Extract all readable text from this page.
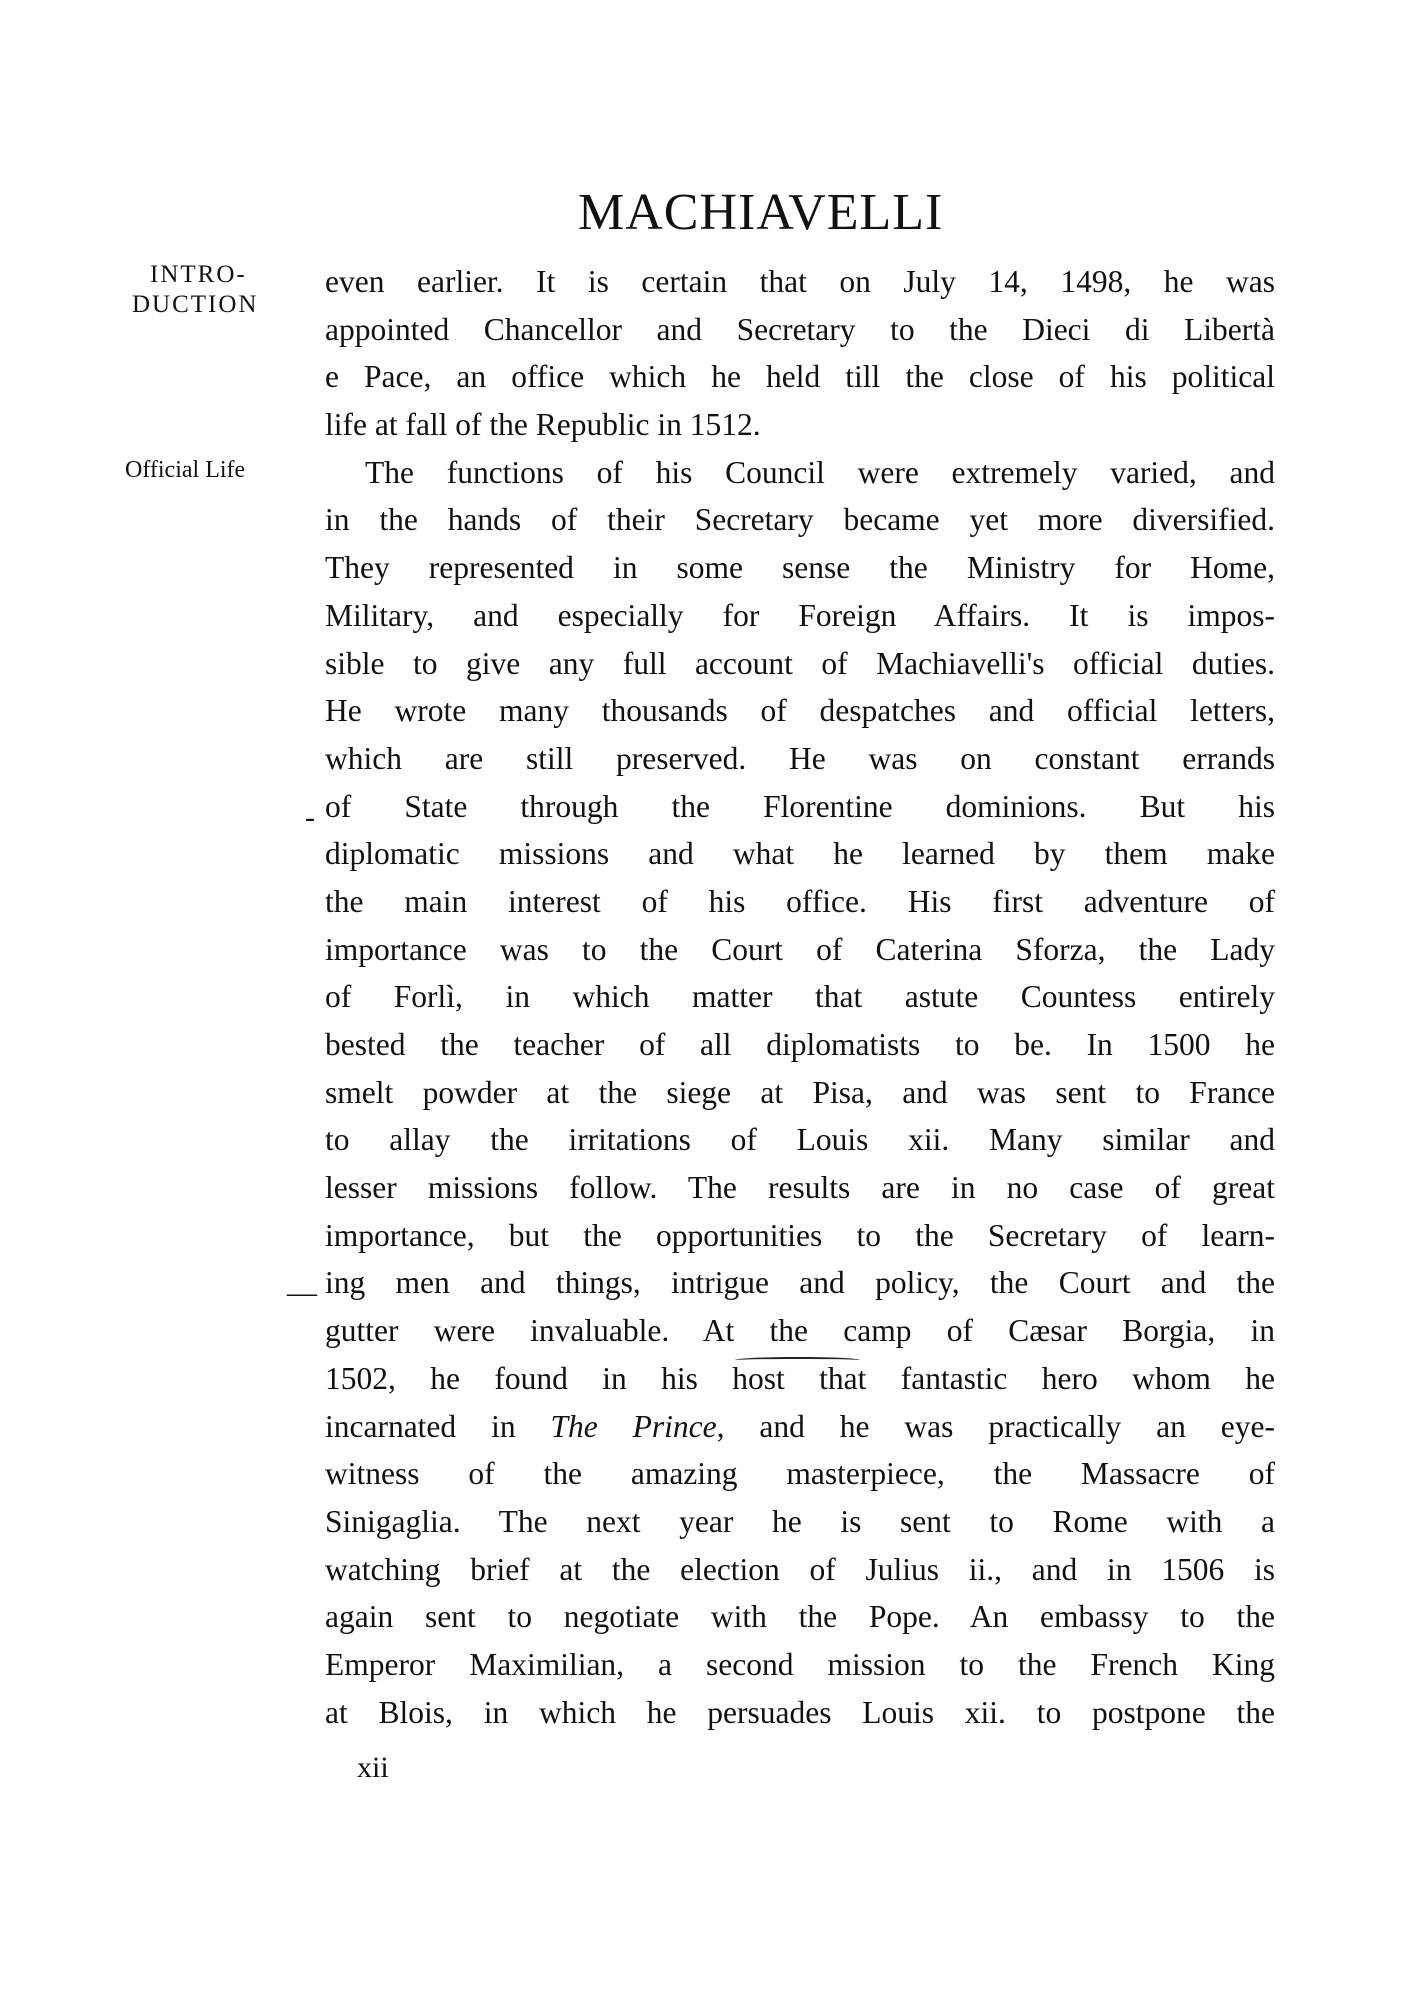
MACHIAVELLI
INTRO-
DUCTION
Official Life
-
—
even earlier. It is certain that on July 14, 1498, he was
appointed Chancellor and Secretary to the Dieci di Libertà
e Pace, an office which he held till the close of his political
life at fall of the Republic in 1512.
The functions of his Council were extremely varied, and
in the hands of their Secretary became yet more diversified.
They represented in some sense the Ministry for Home,
Military, and especially for Foreign Affairs. It is impos-
sible to give any full account of Machiavelli's official duties.
He wrote many thousands of despatches and official letters,
which are still preserved. He was on constant errands
of State through the Florentine dominions. But his
diplomatic missions and what he learned by them make
the main interest of his office. His first adventure of
importance was to the Court of Caterina Sforza, the Lady
of Forlì, in which matter that astute Countess entirely
bested the teacher of all diplomatists to be. In 1500 he
smelt powder at the siege at Pisa, and was sent to France
to allay the irritations of Louis xii. Many similar and
lesser missions follow. The results are in no case of great
importance, but the opportunities to the Secretary of learn-
ing men and things, intrigue and policy, the Court and the
gutter were invaluable. At the camp of Cæsar Borgia, in
1502, he found in his host that fantastic hero whom he
incarnated in The Prince, and he was practically an eye-
witness of the amazing masterpiece, the Massacre of
Sinigaglia. The next year he is sent to Rome with a
watching brief at the election of Julius ii., and in 1506 is
again sent to negotiate with the Pope. An embassy to the
Emperor Maximilian, a second mission to the French King
at Blois, in which he persuades Louis xii. to postpone the
xii
